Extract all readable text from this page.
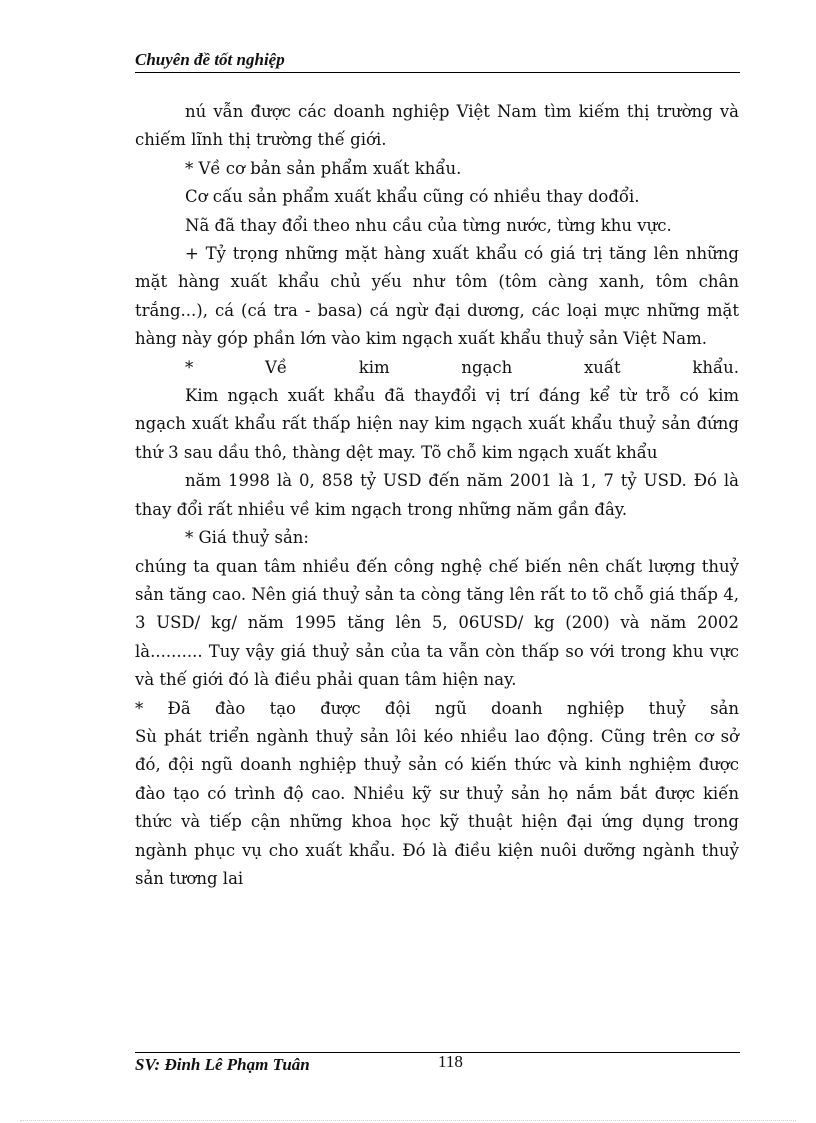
Chuyên đề tốt nghiệp

nú vẫn được các doanh nghiệp Việt Nam tìm kiếm thị trường và chiếm lĩnh thị trường thế giới.

* Về cơ bản sản phẩm xuất khẩu.

Cơ cấu sản phẩm xuất khẩu cũng có nhiều thay dođổi.

Nã đã thay đổi theo nhu cầu của từng nước, từng khu vực.

+ Tỷ trọng những mặt hàng xuất khẩu có giá trị tăng lên những mặt hàng xuất khẩu chủ yếu như tôm (tôm càng xanh, tôm chân trắng...), cá (cá tra - basa) cá ngừ đại dương, các loại mực những mặt hàng này góp phần lớn vào kim ngạch xuất khẩu thuỷ sản Việt Nam.

* Về kim ngạch xuất khẩu.

Kim ngạch xuất khẩu đã thayđổi vị trí đáng kể từ trỗ có kim ngạch xuất khẩu rất thấp hiện nay kim ngạch xuất khẩu thuỷ sản đứng thứ 3 sau dầu thô, thàng dệt may. Tõ chỗ kim ngạch xuất khẩu

năm 1998 là 0, 858 tỷ USD đến năm 2001 là 1, 7 tỷ USD. Đó là thay đổi rất nhiều về kim ngạch trong những năm gần đây.

* Giá thuỷ sản:

chúng ta quan tâm nhiều đến công nghệ chế biến nên chất lượng thuỷ sản tăng cao. Nên giá thuỷ sản ta còng tăng lên rất to tõ chỗ giá thấp 4, 3 USD/ kg/ năm 1995 tăng lên 5, 06USD/ kg (200) và năm 2002 là.......... Tuy vậy giá thuỷ sản của ta vẫn còn thấp so với trong khu vực và thế giới đó là điều phải quan tâm hiện nay.

* Đã đào tạo được đội ngũ doanh nghiệp thuỷ sản

Sù phát triển ngành thuỷ sản lôi kéo nhiều lao động. Cũng trên cơ sở đó, đội ngũ doanh nghiệp thuỷ sản có kiến thức và kinh nghiệm được đào tạo có trình độ cao. Nhiều kỹ sư thuỷ sản họ nắm bắt được kiến thức và tiếp cận những khoa học kỹ thuật hiện đại ứng dụng trong ngành phục vụ cho xuất khẩu. Đó là điều kiện nuôi dưỡng ngành thuỷ sản tương lai

SV: Đinh Lê Phạm Tuân	118
